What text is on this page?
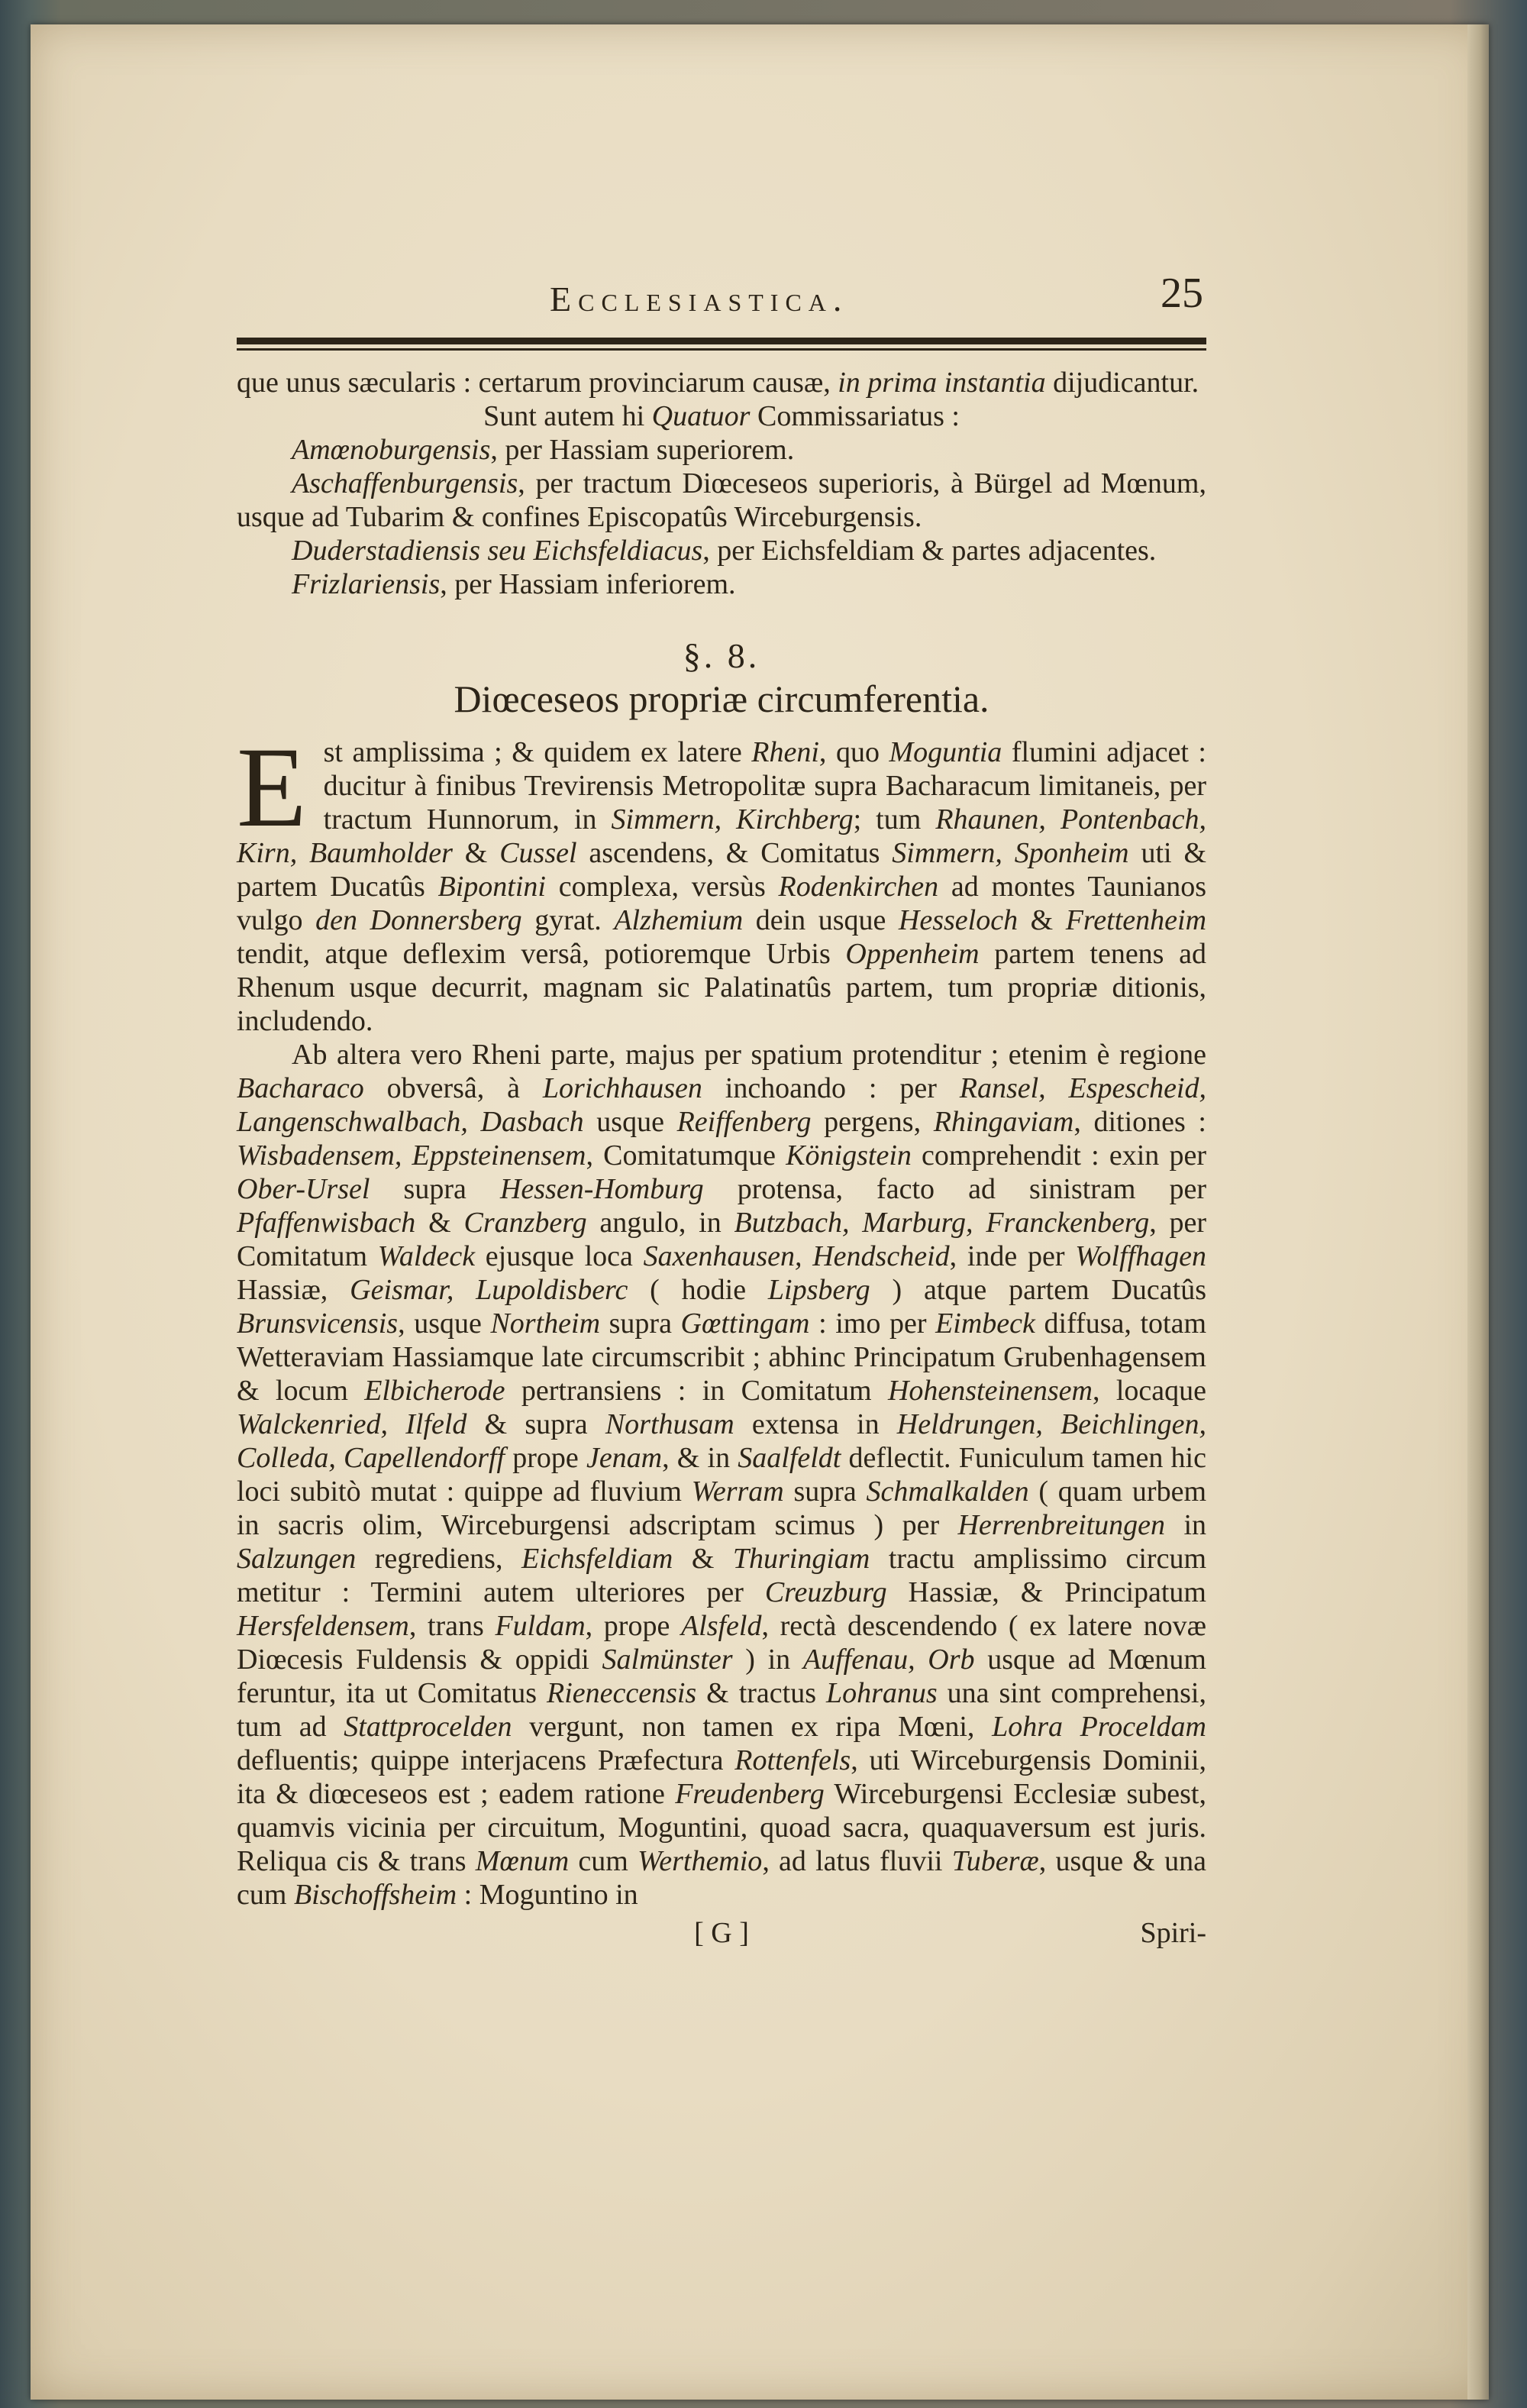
Ecclesiastica.	25

que unus sæcularis : certarum provinciarum causæ, in prima instantia dijudicantur.

Sunt autem hi Quatuor Commissariatus :

Amœnoburgensis, per Hassiam superiorem.

Aschaffenburgensis, per tractum Diœceseos superioris, à Bürgel ad Mœnum, usque ad Tubarim & confines Episcopatûs Wirceburgensis.

Duderstadiensis seu Eichsfeldiacus, per Eichsfeldiam & partes adjacentes.

Frizlariensis, per Hassiam inferiorem.

§. 8.

Diœceseos propriæ circumferentia.

Est amplissima ; & quidem ex latere Rheni, quo Moguntia flumini adjacet : ducitur à finibus Trevirensis Metropolitæ supra Bacharacum limitaneis, per tractum Hunnorum, in Simmern, Kirchberg; tum Rhaunen, Pontenbach, Kirn, Baumholder & Cussel ascendens, & Comitatus Simmern, Sponheim uti & partem Ducatûs Bipontini complexa, versùs Rodenkirchen ad montes Taunianos vulgo den Donnersberg gyrat. Alzhemium dein usque Hesseloch & Frettenheim tendit, atque deflexim versâ, potioremque Urbis Oppenheim partem tenens ad Rhenum usque decurrit, magnam sic Palatinatûs partem, tum propriæ ditionis, includendo.

Ab altera vero Rheni parte, majus per spatium protenditur ; etenim è regione Bacharaco obversâ, à Lorichhausen inchoando : per Ransel, Espescheid, Langenschwalbach, Dasbach usque Reiffenberg pergens, Rhingaviam, ditiones : Wisbadensem, Eppsteinensem, Comitatumque Königstein comprehendit : exin per Ober-Ursel supra Hessen-Homburg protensa, facto ad sinistram per Pfaffenwisbach & Cranzberg angulo, in Butzbach, Marburg, Franckenberg, per Comitatum Waldeck ejusque loca Saxenhausen, Hendscheid, inde per Wolffhagen Hassiæ, Geismar, Lupoldisberc ( hodie Lipsberg ) atque partem Ducatûs Brunsvicensis, usque Northeim supra Gœttingam : imo per Eimbeck diffusa, totam Wetteraviam Hassiamque late circumscribit ; abhinc Principatum Grubenhagensem & locum Elbicherode pertransiens : in Comitatum Hohensteinensem, locaque Walckenried, Ilfeld & supra Northusam extensa in Heldrungen, Beichlingen, Colleda, Capellendorff prope Jenam, & in Saalfeldt deflectit. Funiculum tamen hic loci subitò mutat : quippe ad fluvium Werram supra Schmalkalden ( quam urbem in sacris olim, Wirceburgensi adscriptam scimus ) per Herrenbreitungen in Salzungen regrediens, Eichsfeldiam & Thuringiam tractu amplissimo circum metitur : Termini autem ulteriores per Creuzburg Hassiæ, & Principatum Hersfeldensem, trans Fuldam, prope Alsfeld, rectà descendendo ( ex latere novæ Diœcesis Fuldensis & oppidi Salmünster ) in Auffenau, Orb usque ad Mœnum feruntur, ita ut Comitatus Rieneccensis & tractus Lohranus una sint comprehensi, tum ad Stattprocelden vergunt, non tamen ex ripa Mœni, Lohra Proceldam defluentis; quippe interjacens Præfectura Rottenfels, uti Wirceburgensis Dominii, ita & diœceseos est ; eadem ratione Freudenberg Wirceburgensi Ecclesiæ subest, quamvis vicinia per circuitum, Moguntini, quoad sacra, quaquaversum est juris. Reliqua cis & trans Mœnum cum Werthemio, ad latus fluvii Tuberæ, usque & una cum Bischoffsheim : Moguntino in

[ G ]	Spiri-
